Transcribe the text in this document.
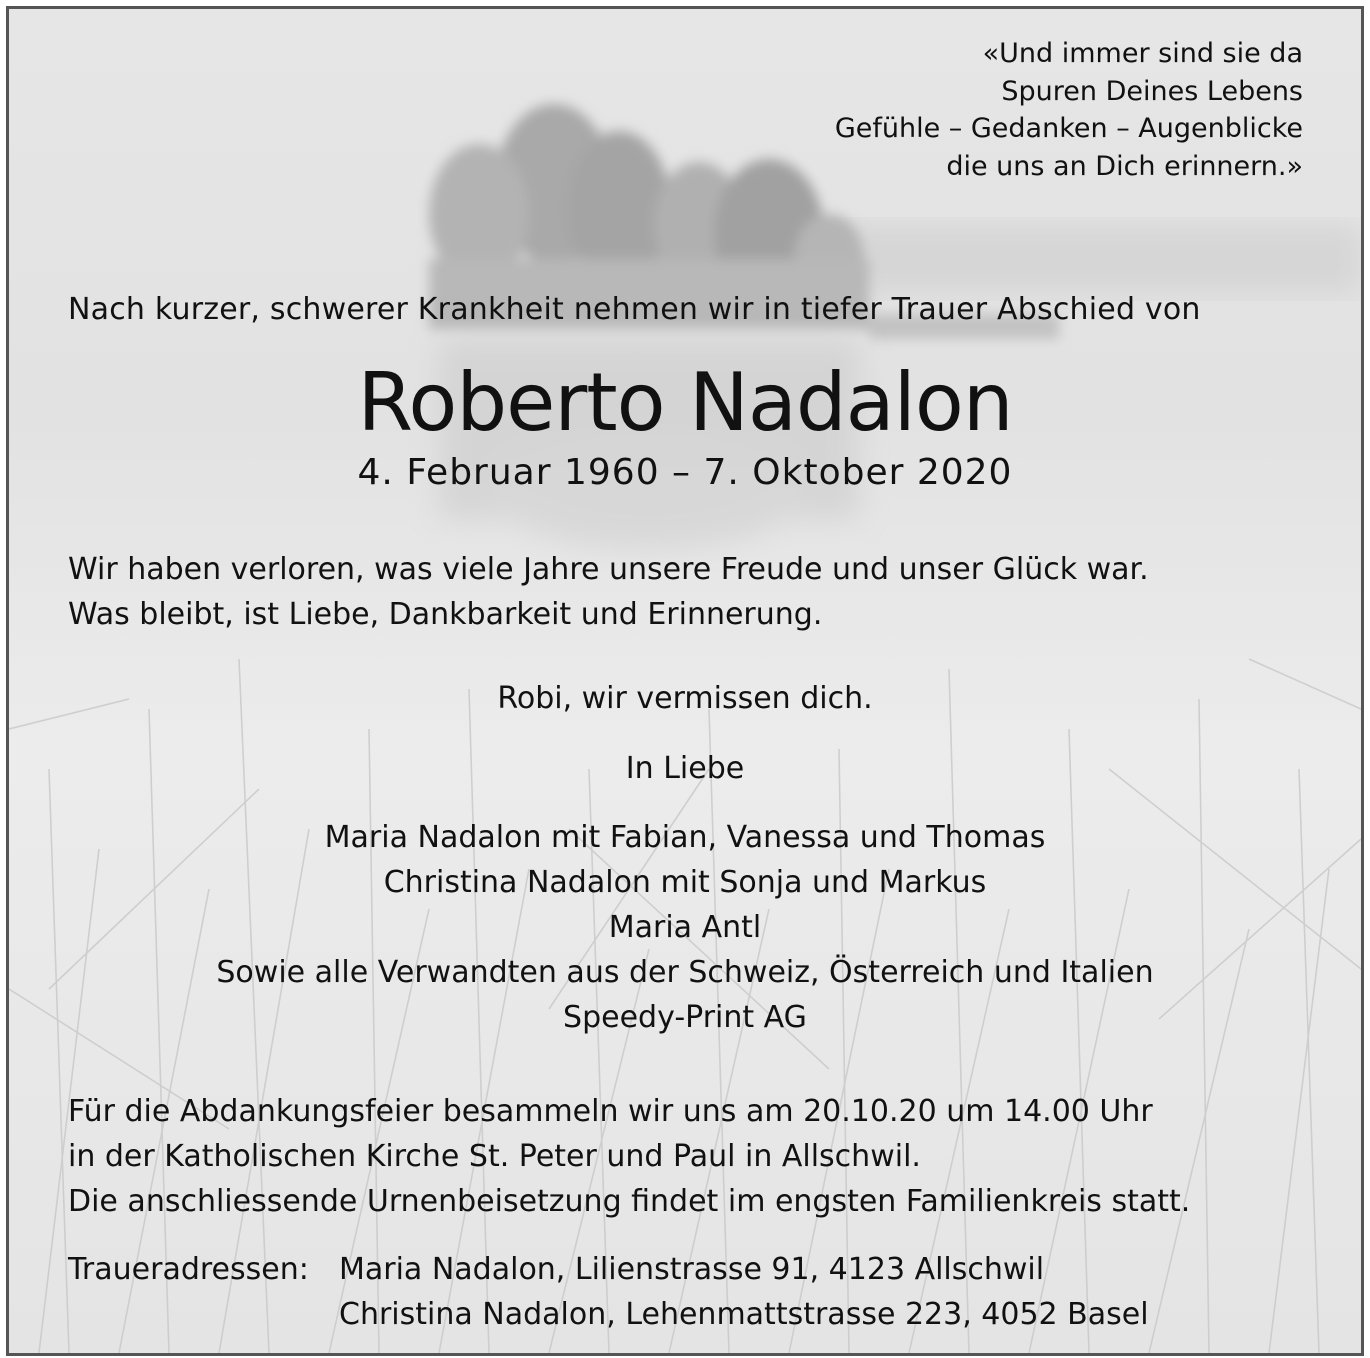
«Und immer sind sie da
Spuren Deines Lebens
Gefühle – Gedanken – Augenblicke
die uns an Dich erinnern.»
Nach kurzer, schwerer Krankheit nehmen wir in tiefer Trauer Abschied von
Roberto Nadalon
4. Februar 1960 – 7. Oktober 2020
Wir haben verloren, was viele Jahre unsere Freude und unser Glück war.
Was bleibt, ist Liebe, Dankbarkeit und Erinnerung.
Robi, wir vermissen dich.
In Liebe
Maria Nadalon mit Fabian, Vanessa und Thomas
Christina Nadalon mit Sonja und Markus
Maria Antl
Sowie alle Verwandten aus der Schweiz, Österreich und Italien
Speedy-Print AG
Für die Abdankungsfeier besammeln wir uns am 20.10.20 um 14.00 Uhr
in der Katholischen Kirche St. Peter und Paul in Allschwil.
Die anschliessende Urnenbeisetzung findet im engsten Familienkreis statt.
Traueradressen:	Maria Nadalon, Lilienstrasse 91, 4123 Allschwil
Christina Nadalon, Lehenmattstrasse 223, 4052 Basel
